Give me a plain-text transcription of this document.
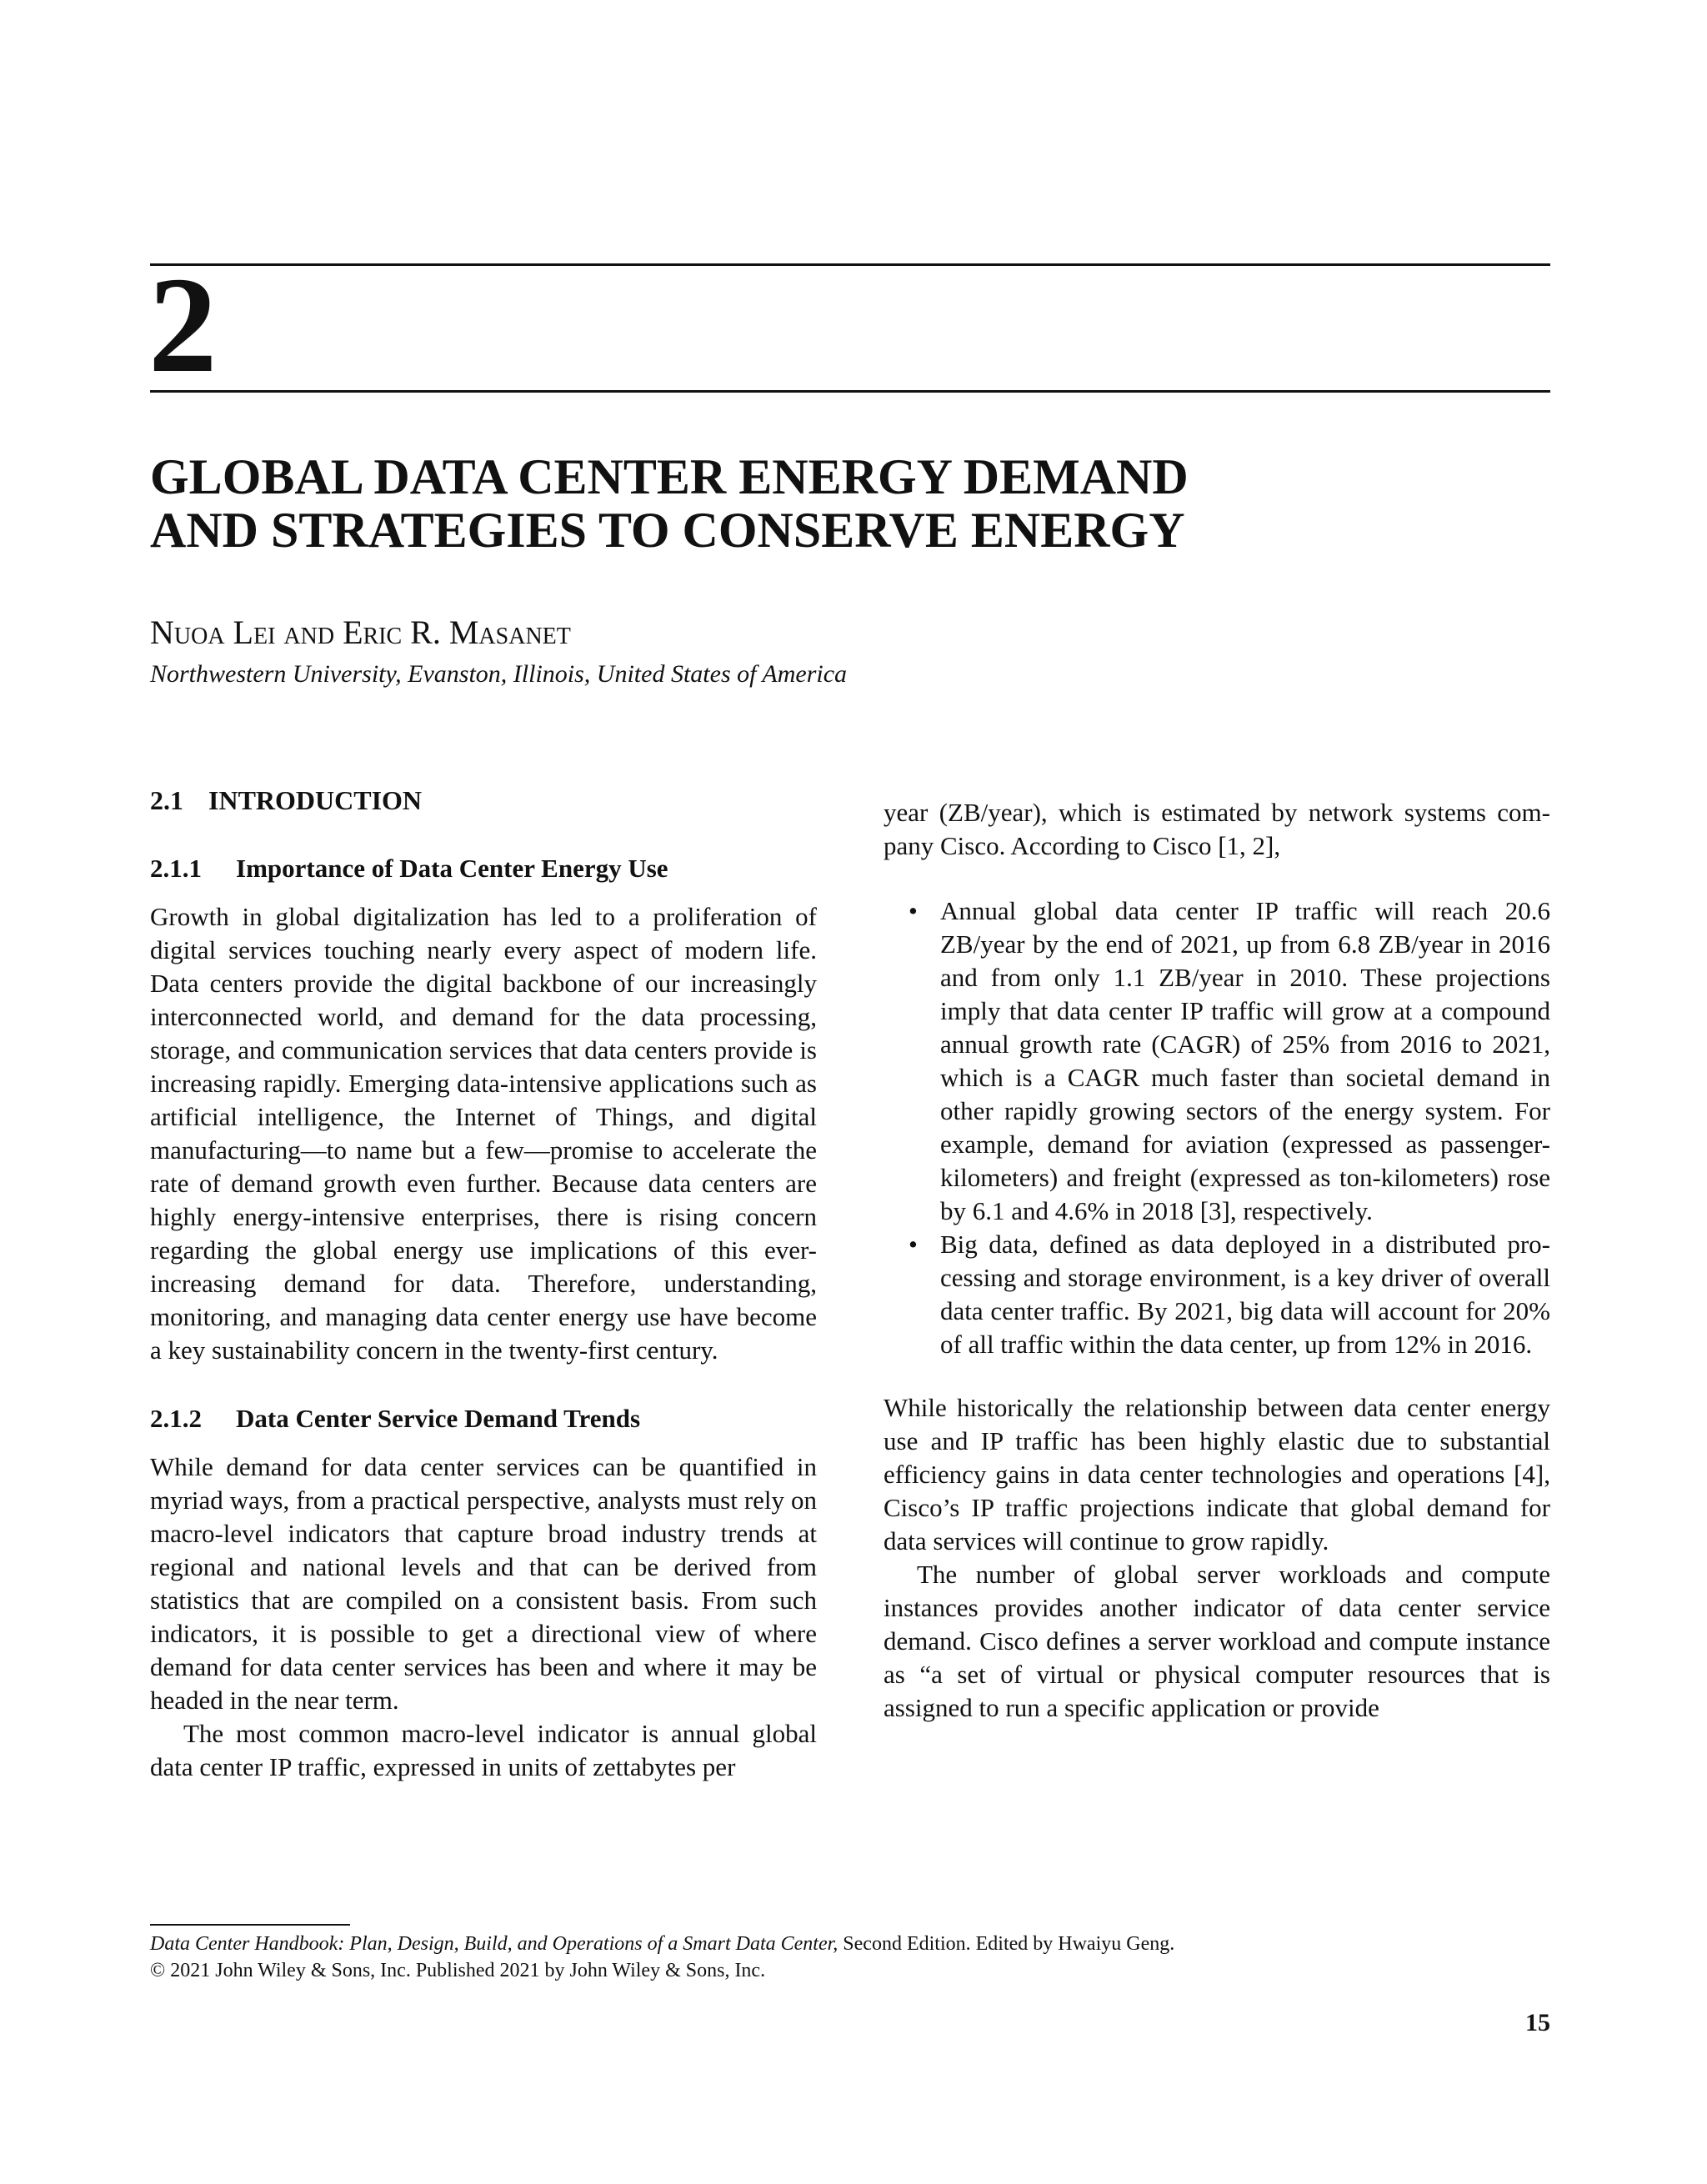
2
GLOBAL DATA CENTER ENERGY DEMAND
AND STRATEGIES TO CONSERVE ENERGY
Nuoa Lei and Eric R. Masanet
Northwestern University, Evanston, Illinois, United States of America
2.1 INTRODUCTION
2.1.1 Importance of Data Center Energy Use

Growth in global digitalization has led to a proliferation of digital services touching nearly every aspect of modern life. Data centers provide the digital backbone of our increasingly interconnected world, and demand for the data processing, storage, and communication services that data centers provide is increasing rapidly. Emerging data-intensive applications such as artificial intelligence, the Internet of Things, and digital manufacturing—to name but a few—promise to accelerate the rate of demand growth even further. Because data centers are highly energy-intensive enterprises, there is rising concern regarding the global energy use implications of this ever-increasing demand for data. Therefore, understanding, monitoring, and managing data center energy use have become a key sustainability concern in the twenty-first century.

2.1.2 Data Center Service Demand Trends

While demand for data center services can be quantified in myriad ways, from a practical perspective, analysts must rely on macro-level indicators that capture broad industry trends at regional and national levels and that can be derived from statistics that are compiled on a consistent basis. From such indicators, it is possible to get a directional view of where demand for data center services has been and where it may be headed in the near term.

The most common macro-level indicator is annual global data center IP traffic, expressed in units of zettabytes per

year (ZB/year), which is estimated by network systems company Cisco. According to Cisco [1, 2],

• Annual global data center IP traffic will reach 20.6 ZB/year by the end of 2021, up from 6.8 ZB/year in 2016 and from only 1.1 ZB/year in 2010. These projections imply that data center IP traffic will grow at a compound annual growth rate (CAGR) of 25% from 2016 to 2021, which is a CAGR much faster than societal demand in other rapidly growing sectors of the energy system. For example, demand for aviation (expressed as passenger-kilometers) and freight (expressed as ton-kilometers) rose by 6.1 and 4.6% in 2018 [3], respectively.
• Big data, defined as data deployed in a distributed processing and storage environment, is a key driver of overall data center traffic. By 2021, big data will account for 20% of all traffic within the data center, up from 12% in 2016.

While historically the relationship between data center energy use and IP traffic has been highly elastic due to substantial efficiency gains in data center technologies and operations [4], Cisco’s IP traffic projections indicate that global demand for data services will continue to grow rapidly.

The number of global server workloads and compute instances provides another indicator of data center service demand. Cisco defines a server workload and compute instance as “a set of virtual or physical computer resources that is assigned to run a specific application or provide

Data Center Handbook: Plan, Design, Build, and Operations of a Smart Data Center, Second Edition. Edited by Hwaiyu Geng.
© 2021 John Wiley & Sons, Inc. Published 2021 by John Wiley & Sons, Inc.
15
